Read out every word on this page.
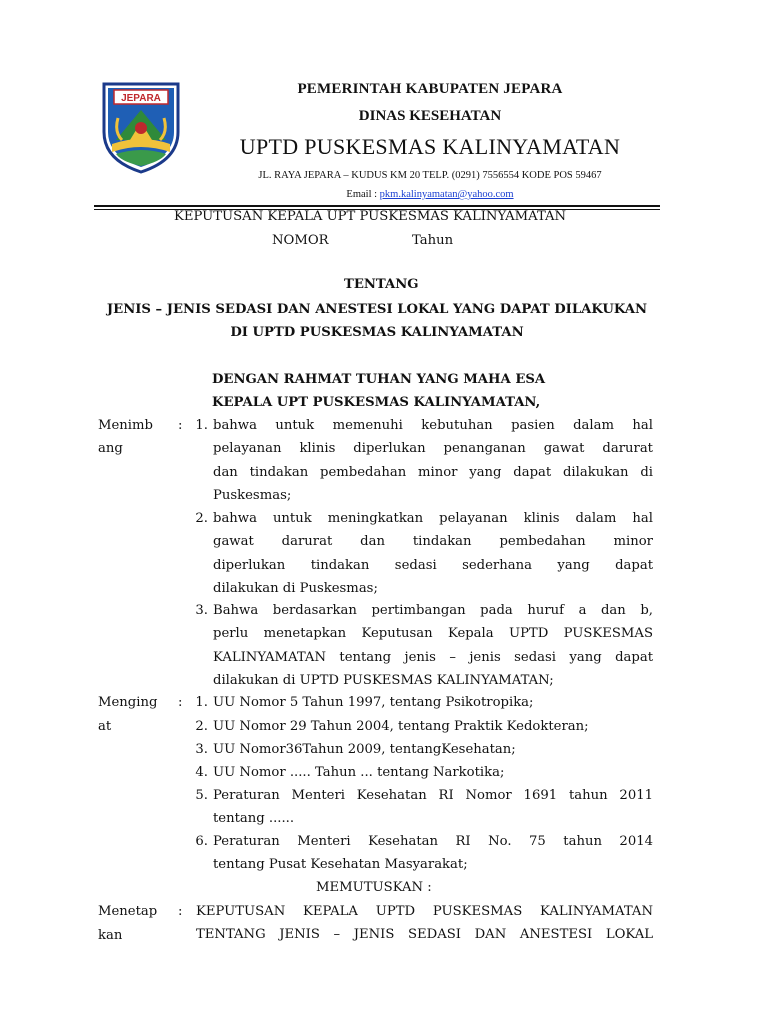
JEPARA
PEMERINTAH KABUPATEN JEPARA
DINAS KESEHATAN
UPTD PUSKESMAS KALINYAMATAN
JL. RAYA JEPARA – KUDUS KM 20 TELP. (0291) 7556554 KODE POS 59467
Email : pkm.kalinyamatan@yahoo.com
KEPUTUSAN KEPALA UPT PUSKESMAS KALINYAMATAN
NOMOR	Tahun
TENTANG
JENIS – JENIS SEDASI DAN ANESTESI LOKAL YANG DAPAT DILAKUKAN
DI UPTD PUSKESMAS KALINYAMATAN
DENGAN RAHMAT TUHAN YANG MAHA ESA
KEPALA UPT PUSKESMAS KALINYAMATAN,
Menimb
ang
: 1. bahwa untuk memenuhi kebutuhan pasien dalam hal
pelayanan klinis diperlukan penanganan gawat darurat
dan tindakan pembedahan minor yang dapat dilakukan di
Puskesmas;
2. bahwa untuk meningkatkan pelayanan klinis dalam hal
gawat darurat dan tindakan pembedahan minor
diperlukan tindakan sedasi sederhana yang dapat
dilakukan di Puskesmas;
3. Bahwa berdasarkan pertimbangan pada huruf a dan b,
perlu menetapkan Keputusan Kepala UPTD PUSKESMAS
KALINYAMATAN tentang jenis – jenis sedasi yang dapat
dilakukan di UPTD PUSKESMAS KALINYAMATAN;
Menging
at
: 1. UU Nomor 5 Tahun 1997, tentang Psikotropika;
2. UU Nomor 29 Tahun 2004, tentang Praktik Kedokteran;
3. UU Nomor36Tahun 2009, tentangKesehatan;
4. UU Nomor ..... Tahun ... tentang Narkotika;
5. Peraturan Menteri Kesehatan RI Nomor 1691 tahun 2011
tentang ......
6. Peraturan Menteri Kesehatan RI No. 75 tahun 2014
tentang Pusat Kesehatan Masyarakat;
MEMUTUSKAN :
Menetap
kan
: KEPUTUSAN KEPALA UPTD PUSKESMAS KALINYAMATAN
TENTANG JENIS – JENIS SEDASI DAN ANESTESI LOKAL
